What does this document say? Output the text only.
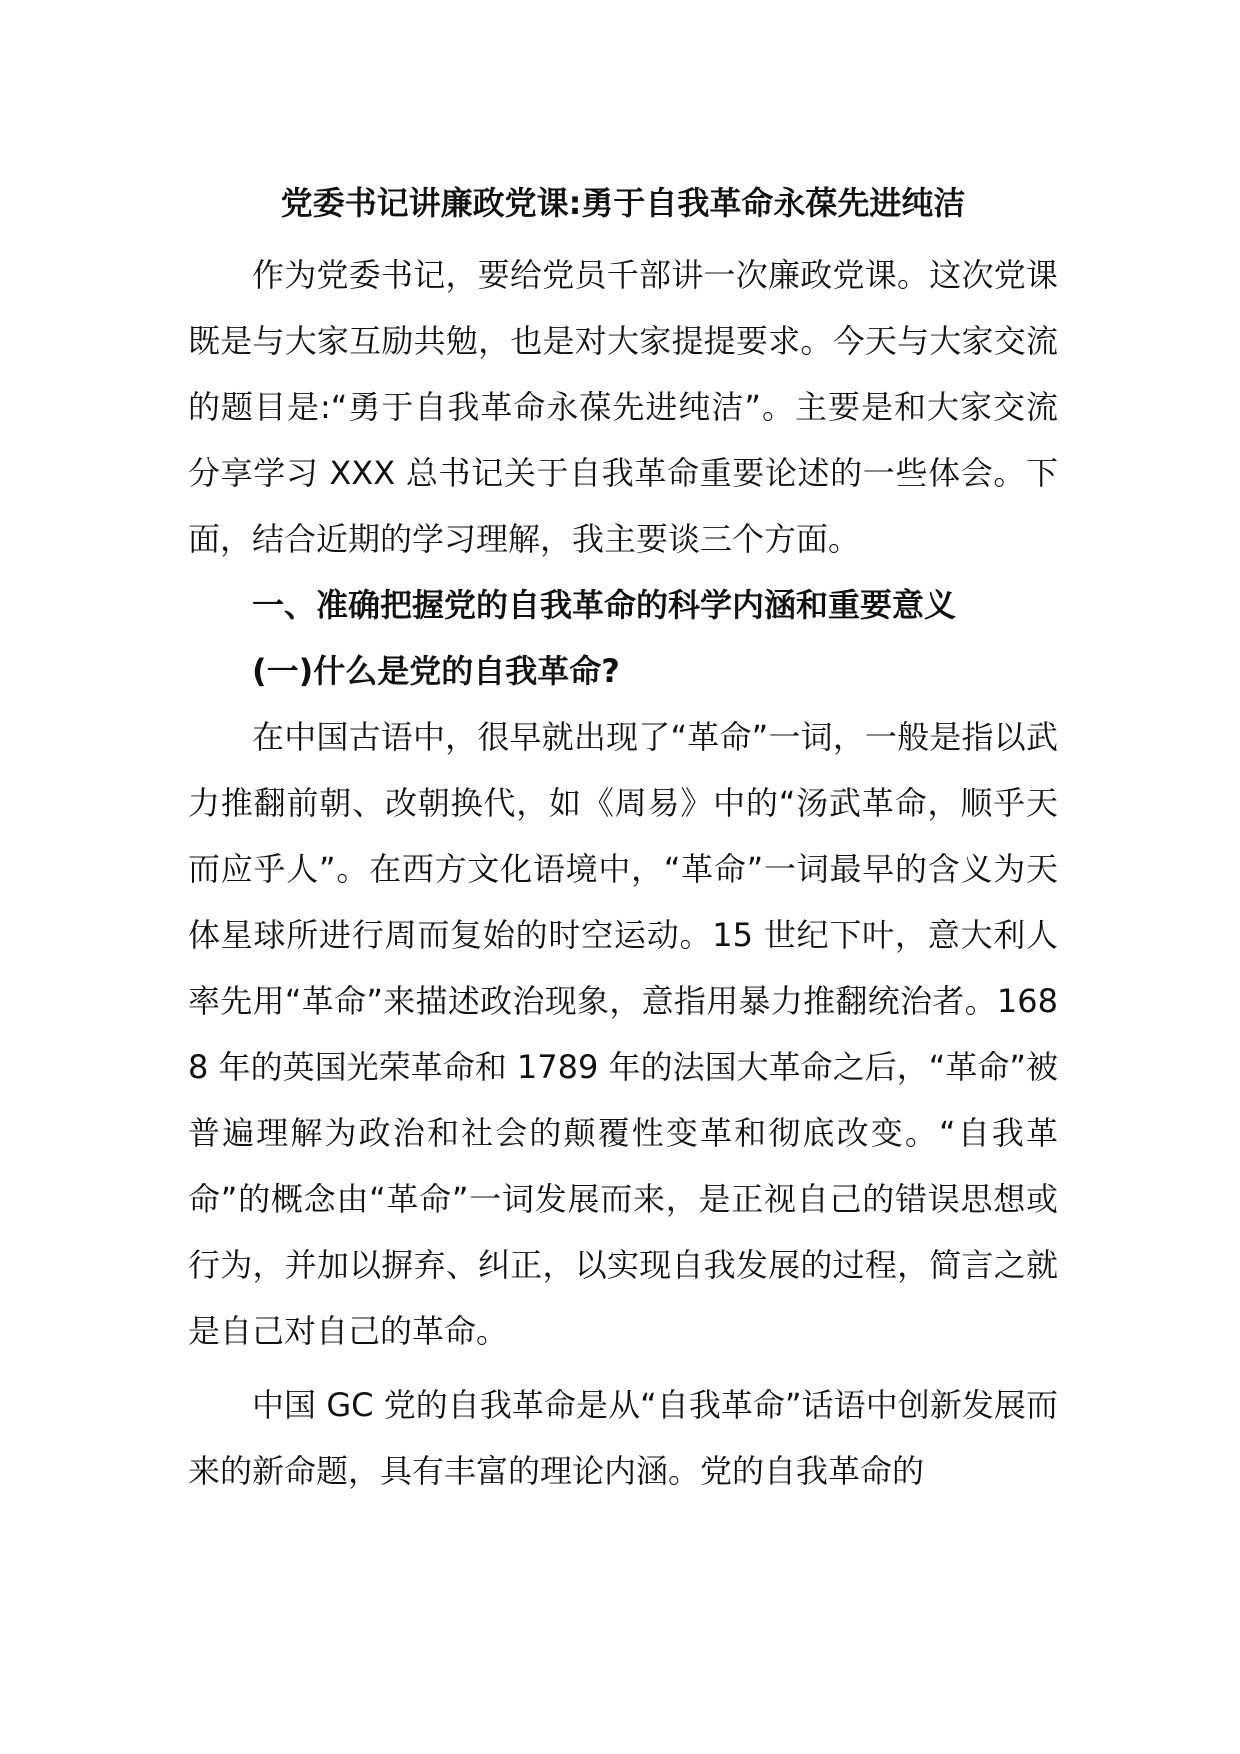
党委书记讲廉政党课:勇于自我革命永葆先进纯洁

作为党委书记，要给党员千部讲一次廉政党课。这次党课既是与大家互励共勉，也是对大家提提要求。今天与大家交流的题目是:“勇于自我革命永葆先进纯洁”。主要是和大家交流分享学习 XXX 总书记关于自我革命重要论述的一些体会。下面，结合近期的学习理解，我主要谈三个方面。

一、准确把握党的自我革命的科学内涵和重要意义
(一)什么是党的自我革命?

在中国古语中，很早就出现了“革命”一词，一般是指以武力推翻前朝、改朝换代，如《周易》中的“汤武革命，顺乎天而应乎人”。在西方文化语境中，“革命”一词最早的含义为天体星球所进行周而复始的时空运动。15 世纪下叶，意大利人率先用“革命”来描述政治现象，意指用暴力推翻统治者。1688 年的英国光荣革命和 1789 年的法国大革命之后，“革命”被普遍理解为政治和社会的颠覆性变革和彻底改变。“自我革命”的概念由“革命”一词发展而来，是正视自己的错误思想或行为，并加以摒弃、纠正，以实现自我发展的过程，简言之就是自己对自己的革命。

中国 GC 党的自我革命是从“自我革命”话语中创新发展而来的新命题，具有丰富的理论内涵。党的自我革命的
